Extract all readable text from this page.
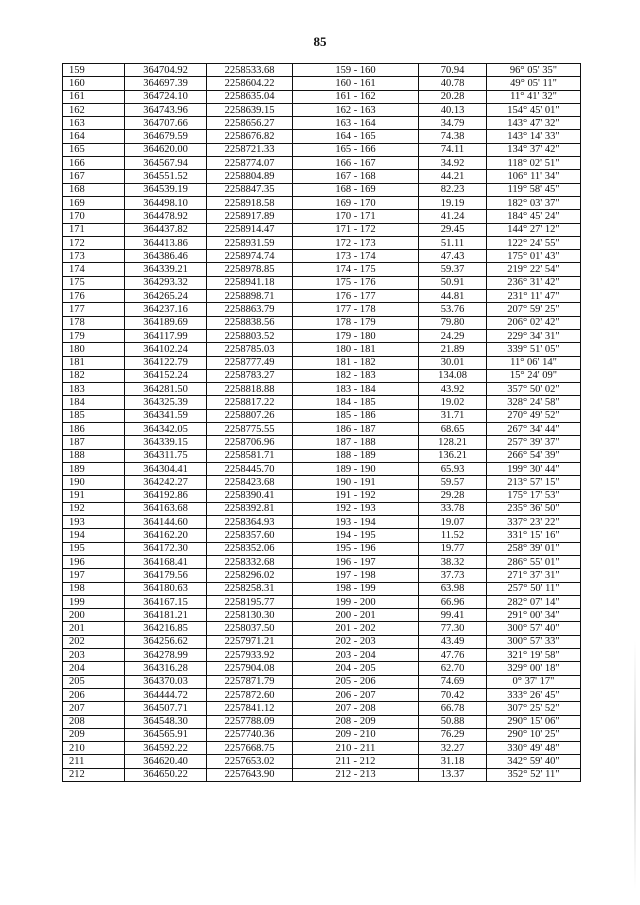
85
159	364704.92	2258533.68	159 - 160	70.94	96° 05' 35"
160	364697.39	2258604.22	160 - 161	40.78	49° 05' 11"
161	364724.10	2258635.04	161 - 162	20.28	11° 41' 32"
162	364743.96	2258639.15	162 - 163	40.13	154° 45' 01"
163	364707.66	2258656.27	163 - 164	34.79	143° 47' 32"
164	364679.59	2258676.82	164 - 165	74.38	143° 14' 33"
165	364620.00	2258721.33	165 - 166	74.11	134° 37' 42"
166	364567.94	2258774.07	166 - 167	34.92	118° 02' 51"
167	364551.52	2258804.89	167 - 168	44.21	106° 11' 34"
168	364539.19	2258847.35	168 - 169	82.23	119° 58' 45"
169	364498.10	2258918.58	169 - 170	19.19	182° 03' 37"
170	364478.92	2258917.89	170 - 171	41.24	184° 45' 24"
171	364437.82	2258914.47	171 - 172	29.45	144° 27' 12"
172	364413.86	2258931.59	172 - 173	51.11	122° 24' 55"
173	364386.46	2258974.74	173 - 174	47.43	175° 01' 43"
174	364339.21	2258978.85	174 - 175	59.37	219° 22' 54"
175	364293.32	2258941.18	175 - 176	50.91	236° 31' 42"
176	364265.24	2258898.71	176 - 177	44.81	231° 11' 47"
177	364237.16	2258863.79	177 - 178	53.76	207° 59' 25"
178	364189.69	2258838.56	178 - 179	79.80	206° 02' 42"
179	364117.99	2258803.52	179 - 180	24.29	229° 34' 31"
180	364102.24	2258785.03	180 - 181	21.89	339° 51' 05"
181	364122.79	2258777.49	181 - 182	30.01	11° 06' 14"
182	364152.24	2258783.27	182 - 183	134.08	15° 24' 09"
183	364281.50	2258818.88	183 - 184	43.92	357° 50' 02"
184	364325.39	2258817.22	184 - 185	19.02	328° 24' 58"
185	364341.59	2258807.26	185 - 186	31.71	270° 49' 52"
186	364342.05	2258775.55	186 - 187	68.65	267° 34' 44"
187	364339.15	2258706.96	187 - 188	128.21	257° 39' 37"
188	364311.75	2258581.71	188 - 189	136.21	266° 54' 39"
189	364304.41	2258445.70	189 - 190	65.93	199° 30' 44"
190	364242.27	2258423.68	190 - 191	59.57	213° 57' 15"
191	364192.86	2258390.41	191 - 192	29.28	175° 17' 53"
192	364163.68	2258392.81	192 - 193	33.78	235° 36' 50"
193	364144.60	2258364.93	193 - 194	19.07	337° 23' 22"
194	364162.20	2258357.60	194 - 195	11.52	331° 15' 16"
195	364172.30	2258352.06	195 - 196	19.77	258° 39' 01"
196	364168.41	2258332.68	196 - 197	38.32	286° 55' 01"
197	364179.56	2258296.02	197 - 198	37.73	271° 37' 31"
198	364180.63	2258258.31	198 - 199	63.98	257° 50' 11"
199	364167.15	2258195.77	199 - 200	66.96	282° 07' 14"
200	364181.21	2258130.30	200 - 201	99.41	291° 00' 34"
201	364216.85	2258037.50	201 - 202	77.30	300° 57' 40"
202	364256.62	2257971.21	202 - 203	43.49	300° 57' 33"
203	364278.99	2257933.92	203 - 204	47.76	321° 19' 58"
204	364316.28	2257904.08	204 - 205	62.70	329° 00' 18"
205	364370.03	2257871.79	205 - 206	74.69	0° 37' 17"
206	364444.72	2257872.60	206 - 207	70.42	333° 26' 45"
207	364507.71	2257841.12	207 - 208	66.78	307° 25' 52"
208	364548.30	2257788.09	208 - 209	50.88	290° 15' 06"
209	364565.91	2257740.36	209 - 210	76.29	290° 10' 25"
210	364592.22	2257668.75	210 - 211	32.27	330° 49' 48"
211	364620.40	2257653.02	211 - 212	31.18	342° 59' 40"
212	364650.22	2257643.90	212 - 213	13.37	352° 52' 11"
